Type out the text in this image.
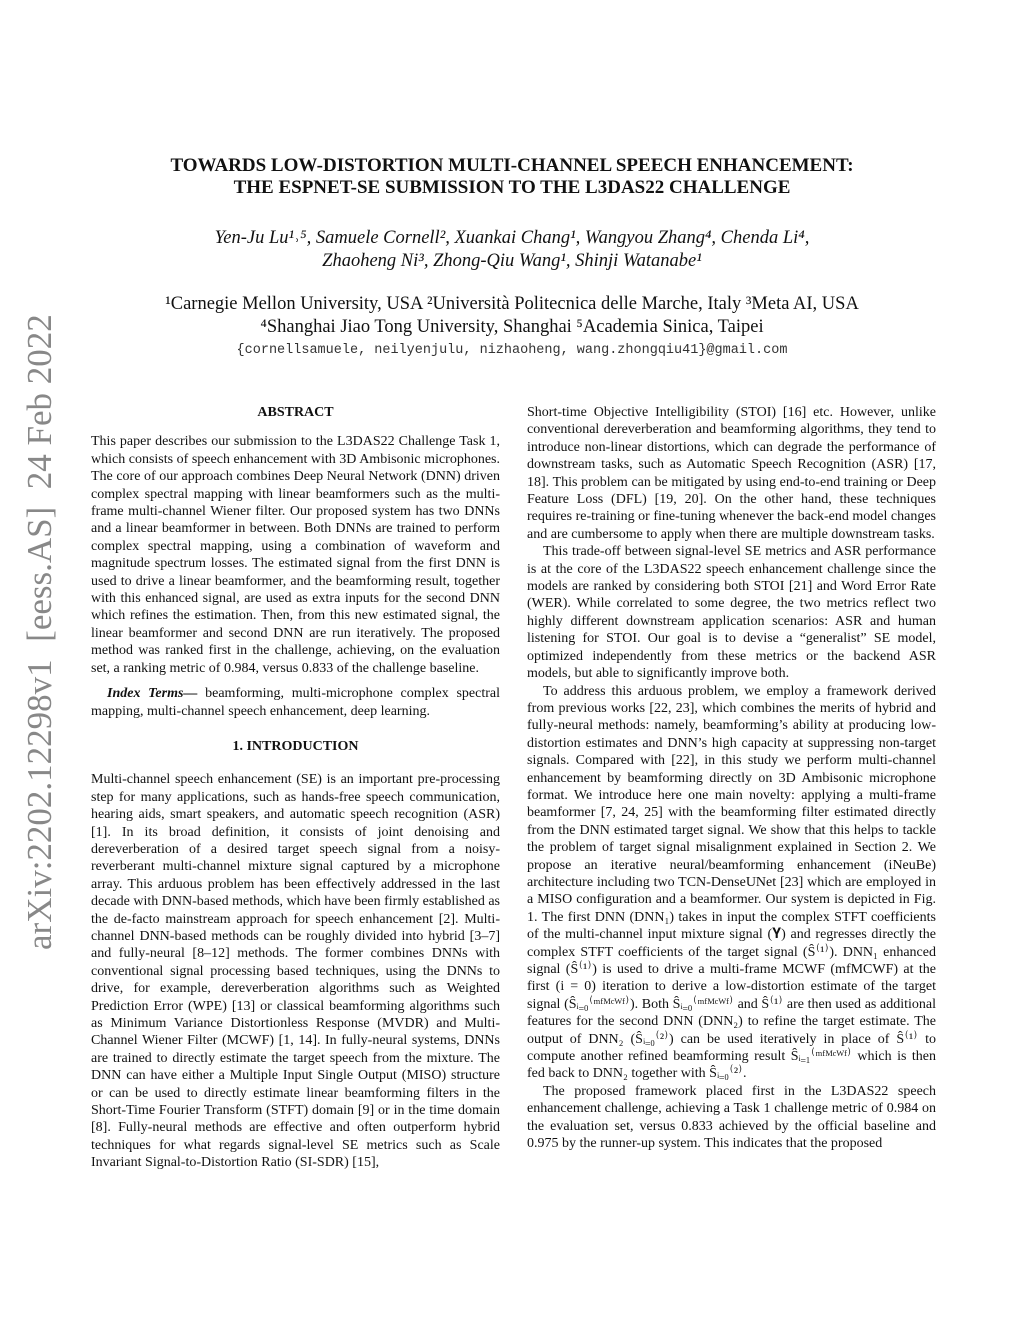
arXiv:2202.12298v1  [eess.AS]  24 Feb 2022
TOWARDS LOW-DISTORTION MULTI-CHANNEL SPEECH ENHANCEMENT:
THE ESPNET-SE SUBMISSION TO THE L3DAS22 CHALLENGE
Yen-Ju Lu¹˒⁵, Samuele Cornell², Xuankai Chang¹, Wangyou Zhang⁴, Chenda Li⁴,
Zhaoheng Ni³, Zhong-Qiu Wang¹, Shinji Watanabe¹
¹Carnegie Mellon University, USA ²Università Politecnica delle Marche, Italy ³Meta AI, USA
⁴Shanghai Jiao Tong University, Shanghai ⁵Academia Sinica, Taipei
{cornellsamuele, neilyenjulu, nizhaoheng, wang.zhongqiu41}@gmail.com
ABSTRACT

This paper describes our submission to the L3DAS22 Challenge Task 1, which consists of speech enhancement with 3D Ambisonic microphones. The core of our approach combines Deep Neural Network (DNN) driven complex spectral mapping with linear beamformers such as the multi-frame multi-channel Wiener filter. Our proposed system has two DNNs and a linear beamformer in between. Both DNNs are trained to perform complex spectral mapping, using a combination of waveform and magnitude spectrum losses. The estimated signal from the first DNN is used to drive a linear beamformer, and the beamforming result, together with this enhanced signal, are used as extra inputs for the second DNN which refines the estimation. Then, from this new estimated signal, the linear beamformer and second DNN are run iteratively. The proposed method was ranked first in the challenge, achieving, on the evaluation set, a ranking metric of 0.984, versus 0.833 of the challenge baseline.

Index Terms— beamforming, multi-microphone complex spectral mapping, multi-channel speech enhancement, deep learning.

1. INTRODUCTION

Multi-channel speech enhancement (SE) is an important pre-processing step for many applications, such as hands-free speech communication, hearing aids, smart speakers, and automatic speech recognition (ASR) [1]. In its broad definition, it consists of joint denoising and dereverberation of a desired target speech signal from a noisy-reverberant multi-channel mixture signal captured by a microphone array. This arduous problem has been effectively addressed in the last decade with DNN-based methods, which have been firmly established as the de-facto mainstream approach for speech enhancement [2]. Multi-channel DNN-based methods can be roughly divided into hybrid [3–7] and fully-neural [8–12] methods. The former combines DNNs with conventional signal processing based techniques, using the DNNs to drive, for example, dereverberation algorithms such as Weighted Prediction Error (WPE) [13] or classical beamforming algorithms such as Minimum Variance Distortionless Response (MVDR) and Multi-Channel Wiener Filter (MCWF) [1, 14]. In fully-neural systems, DNNs are trained to directly estimate the target speech from the mixture. The DNN can have either a Multiple Input Single Output (MISO) structure or can be used to directly estimate linear beamforming filters in the Short-Time Fourier Transform (STFT) domain [9] or in the time domain [8]. Fully-neural methods are effective and often outperform hybrid techniques for what regards signal-level SE metrics such as Scale Invariant Signal-to-Distortion Ratio (SI-SDR) [15],

Short-time Objective Intelligibility (STOI) [16] etc. However, unlike conventional dereverberation and beamforming algorithms, they tend to introduce non-linear distortions, which can degrade the performance of downstream tasks, such as Automatic Speech Recognition (ASR) [17, 18]. This problem can be mitigated by using end-to-end training or Deep Feature Loss (DFL) [19, 20]. On the other hand, these techniques requires re-training or fine-tuning whenever the back-end model changes and are cumbersome to apply when there are multiple downstream tasks.

This trade-off between signal-level SE metrics and ASR performance is at the core of the L3DAS22 speech enhancement challenge since the models are ranked by considering both STOI [21] and Word Error Rate (WER). While correlated to some degree, the two metrics reflect two highly different downstream application scenarios: ASR and human listening for STOI. Our goal is to devise a “generalist” SE model, optimized independently from these metrics or the backend ASR models, but able to significantly improve both.

To address this arduous problem, we employ a framework derived from previous works [22, 23], which combines the merits of hybrid and fully-neural methods: namely, beamforming’s ability at producing low-distortion estimates and DNN’s high capacity at suppressing non-target signals. Compared with [22], in this study we perform multi-channel enhancement by beamforming directly on 3D Ambisonic microphone format. We introduce here one main novelty: applying a multi-frame beamformer [7, 24, 25] with the beamforming filter estimated directly from the DNN estimated target signal. We show that this helps to tackle the problem of target signal misalignment explained in Section 2. We propose an iterative neural/beamforming enhancement (iNeuBe) architecture including two TCN-DenseUNet [23] which are employed in a MISO configuration and a beamformer. Our system is depicted in Fig. 1. The first DNN (DNN₁) takes in input the complex STFT coefficients of the multi-channel input mixture signal (𝐘) and regresses directly the complex STFT coefficients of the target signal (Ŝ⁽¹⁾). DNN₁ enhanced signal (Ŝ⁽¹⁾) is used to drive a multi-frame MCWF (mfMCWF) at the first (i = 0) iteration to derive a low-distortion estimate of the target signal (Ŝᵢ₌₀⁽ᵐᶠᴹᶜᵂᶠ⁾). Both Ŝᵢ₌₀⁽ᵐᶠᴹᶜᵂᶠ⁾ and Ŝ⁽¹⁾ are then used as additional features for the second DNN (DNN₂) to refine the target estimate. The output of DNN₂ (Ŝᵢ₌₀⁽²⁾) can be used iteratively in place of Ŝ⁽¹⁾ to compute another refined beamforming result Ŝᵢ₌₁⁽ᵐᶠᴹᶜᵂᶠ⁾ which is then fed back to DNN₂ together with Ŝᵢ₌₀⁽²⁾.

The proposed framework placed first in the L3DAS22 speech enhancement challenge, achieving a Task 1 challenge metric of 0.984 on the evaluation set, versus 0.833 achieved by the official baseline and 0.975 by the runner-up system. This indicates that the proposed
